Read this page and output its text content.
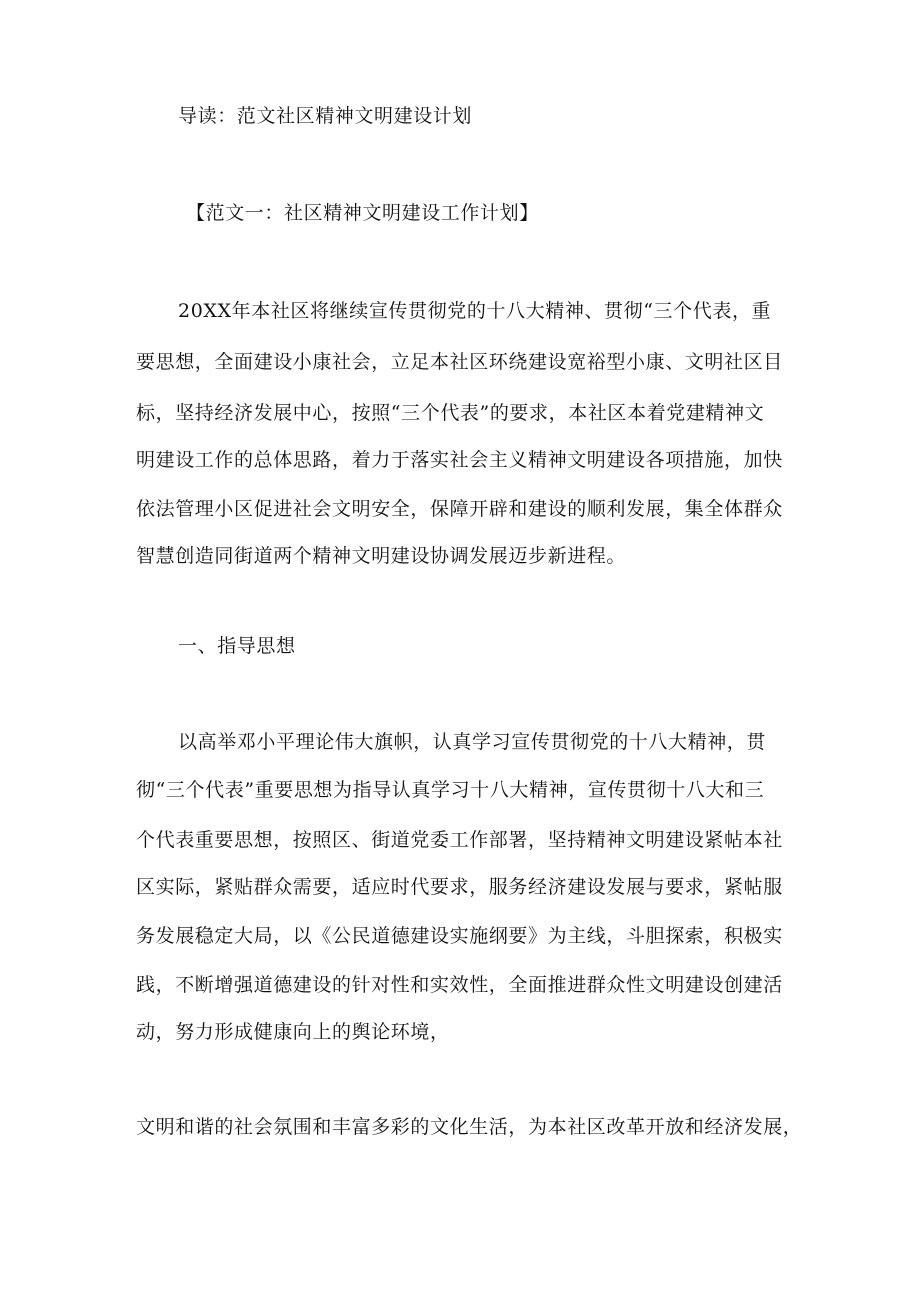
导读：范文社区精神文明建设计划

【范文一：社区精神文明建设工作计划】

20XX年本社区将继续宣传贯彻党的十八大精神、贯彻“三个代表，重

要思想，全面建设小康社会，立足本社区环绕建设宽裕型小康、文明社区目

标，坚持经济发展中心，按照“三个代表”的要求，本社区本着党建精神文

明建设工作的总体思路，着力于落实社会主义精神文明建设各项措施，加快

依法管理小区促进社会文明安全，保障开辟和建设的顺利发展，集全体群众

智慧创造同街道两个精神文明建设协调发展迈步新进程。

一、指导思想

以高举邓小平理论伟大旗帜，认真学习宣传贯彻党的十八大精神，贯

彻“三个代表”重要思想为指导认真学习十八大精神，宣传贯彻十八大和三

个代表重要思想，按照区、街道党委工作部署，坚持精神文明建设紧帖本社

区实际，紧贴群众需要，适应时代要求，服务经济建设发展与要求，紧帖服

务发展稳定大局，以《公民道德建设实施纲要》为主线，斗胆探索，积极实

践，不断增强道德建设的针对性和实效性，全面推进群众性文明建设创建活

动，努力形成健康向上的舆论环境，

文明和谐的社会氛围和丰富多彩的文化生活，为本社区改革开放和经济发展，
